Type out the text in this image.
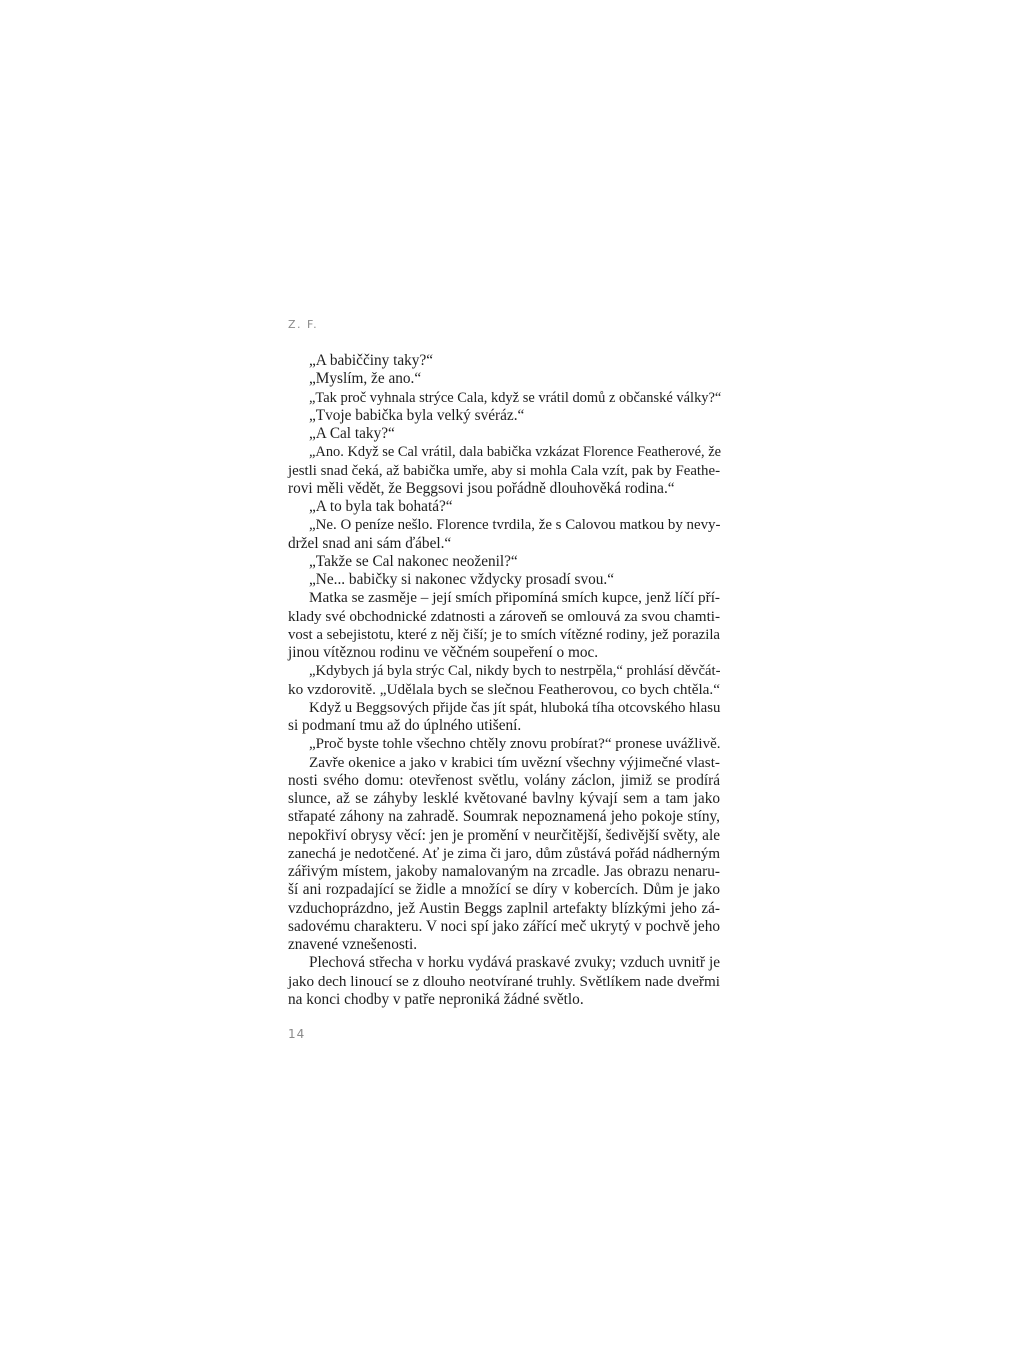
Z. F.
„A babiččiny taky?“
„Myslím, že ano.“
„Tak proč vyhnala strýce Cala, když se vrátil domů z občanské války?“
„Tvoje babička byla velký svéráz.“
„A Cal taky?“
„Ano. Když se Cal vrátil, dala babička vzkázat Florence Featherové, že
jestli snad čeká, až babička umře, aby si mohla Cala vzít, pak by Feathe-
rovi měli vědět, že Beggsovi jsou pořádně dlouhověká rodina.“
„A to byla tak bohatá?“
„Ne. O peníze nešlo. Florence tvrdila, že s Calovou matkou by nevy-
držel snad ani sám ďábel.“
„Takže se Cal nakonec neoženil?“
„Ne... babičky si nakonec vždycky prosadí svou.“
Matka se zasměje – její smích připomíná smích kupce, jenž líčí pří-
klady své obchodnické zdatnosti a zároveň se omlouvá za svou chamti-
vost a sebejistotu, které z něj čiší; je to smích vítězné rodiny, jež porazila
jinou vítěznou rodinu ve věčném soupeření o moc.
„Kdybych já byla strýc Cal, nikdy bych to nestrpěla,“ prohlásí děvčát-
ko vzdorovitě. „Udělala bych se slečnou Featherovou, co bych chtěla.“
Když u Beggsových přijde čas jít spát, hluboká tíha otcovského hlasu
si podmaní tmu až do úplného utišení.
„Proč byste tohle všechno chtěly znovu probírat?“ pronese uvážlivě.
Zavře okenice a jako v krabici tím uvězní všechny výjimečné vlast-
nosti svého domu: otevřenost světlu, volány záclon, jimiž se prodírá
slunce, až se záhyby lesklé květované bavlny kývají sem a tam jako
střapaté záhony na zahradě. Soumrak nepoznamená jeho pokoje stíny,
nepokřiví obrysy věcí: jen je promění v neurčitější, šedivější světy, ale
zanechá je nedotčené. Ať je zima či jaro, dům zůstává pořád nádherným
zářivým místem, jakoby namalovaným na zrcadle. Jas obrazu nenaru-
ší ani rozpadající se židle a množící se díry v kobercích. Dům je jako
vzduchoprázdno, jež Austin Beggs zaplnil artefakty blízkými jeho zá-
sadovému charakteru. V noci spí jako zářící meč ukrytý v pochvě jeho
znavené vznešenosti.
Plechová střecha v horku vydává praskavé zvuky; vzduch uvnitř je
jako dech linoucí se z dlouho neotvírané truhly. Světlíkem nade dveřmi
na konci chodby v patře neproniká žádné světlo.
14
